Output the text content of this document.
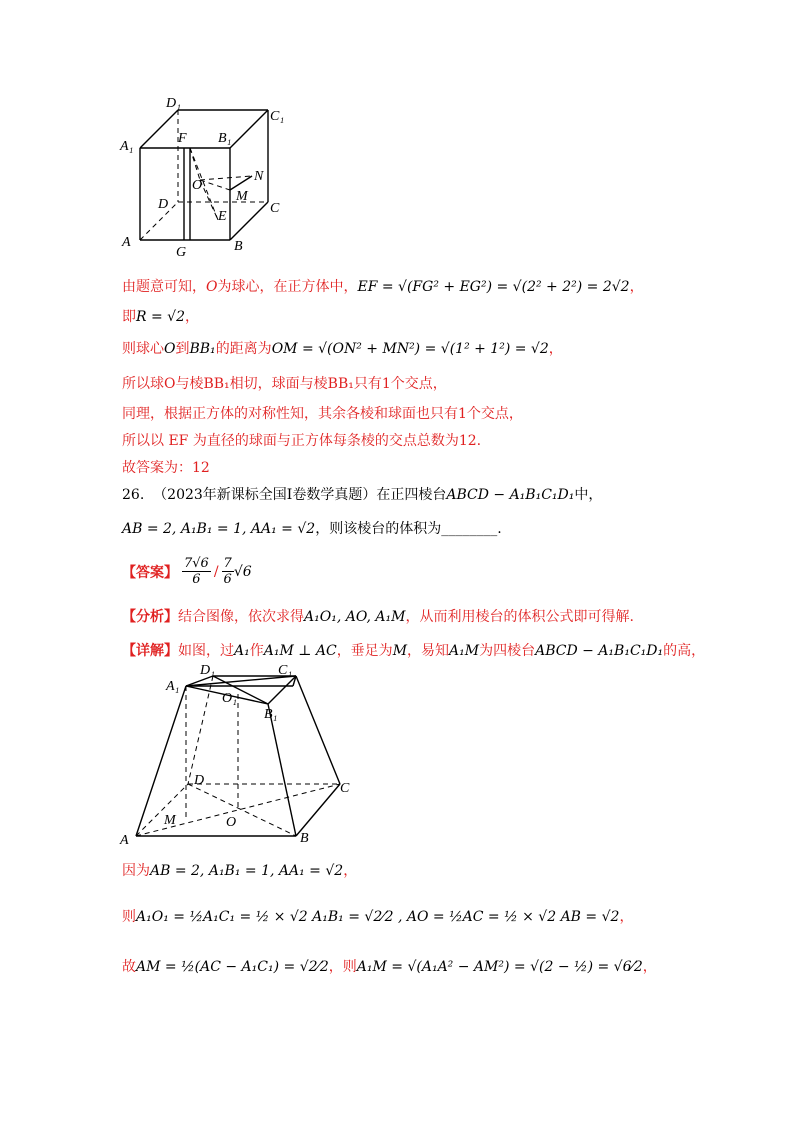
D₁
C₁
A₁
F B₁
O
N
M
D
E
C
A
G	B
由题意可知，O为球心，在正方体中，EF = √(FG² + EG²) = √(2² + 2²) = 2√2，
即R = √2，
则球心O到BB₁的距离为OM = √(ON² + MN²) = √(1² + 1²) = √2，
所以球O与棱BB₁相切，球面与棱BB₁只有1个交点，
同理，根据正方体的对称性知，其余各棱和球面也只有1个交点，
所以以 EF 为直径的球面与正方体每条棱的交点总数为12.
故答案为：12
26. （2023年新课标全国Ⅰ卷数学真题）在正四棱台ABCD − A₁B₁C₁D₁中，
AB = 2, A₁B₁ = 1, AA₁ = √2，则该棱台的体积为________.
【答案】
7√6
6 / 7
6 √6
【分析】结合图像，依次求得A₁O₁, AO, A₁M，从而利用棱台的体积公式即可得解.
【详解】如图，过A₁作A₁M ⊥ AC，垂足为M，易知A₁M为四棱台ABCD − A₁B₁C₁D₁的高，
D₁	C₁
A₁
O₁
B₁
D
C
M	O
A	B
因为AB = 2, A₁B₁ = 1, AA₁ = √2，
则A₁O₁ = ½A₁C₁ = ½ × √2 A₁B₁ = √2⁄2 , AO = ½AC = ½ × √2 AB = √2，
故AM = ½(AC − A₁C₁) = √2⁄2，则A₁M = √(A₁A² − AM²) = √(2 − ½) = √6⁄2，
